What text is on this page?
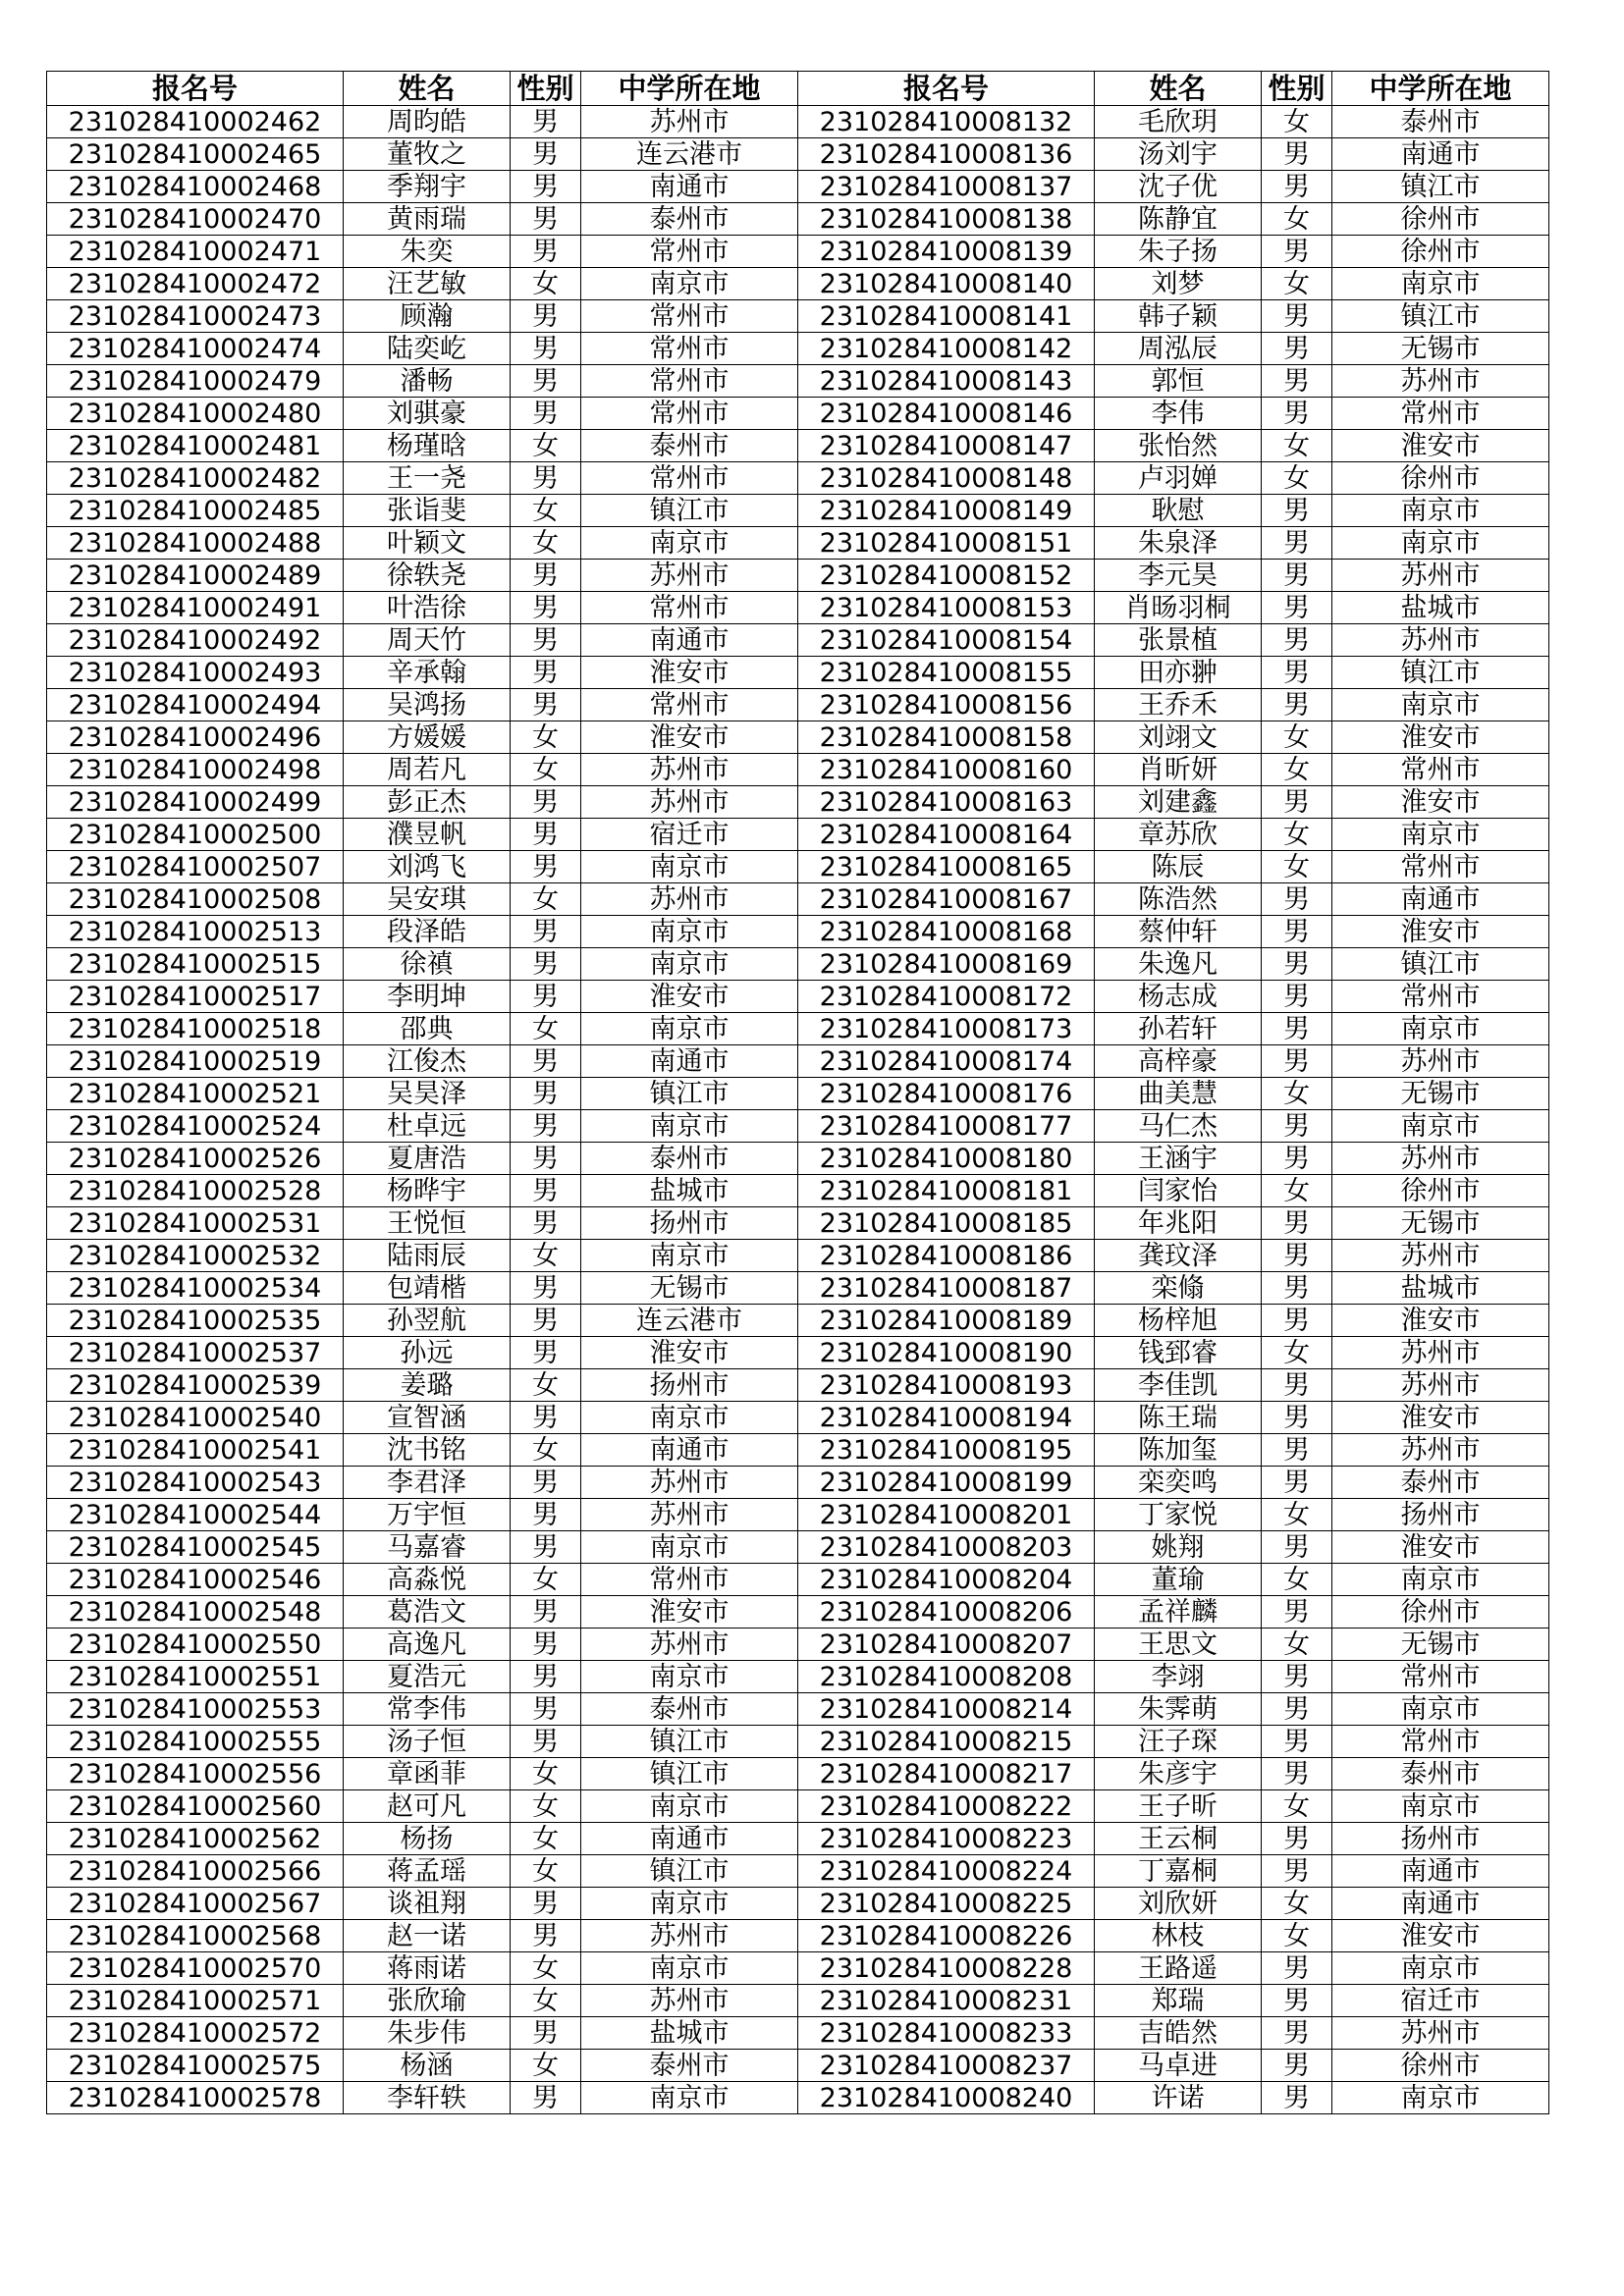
报名号	姓名	性别	中学所在地	报名号	姓名	性别	中学所在地
231028410002462	周昀皓	男	苏州市	231028410008132	毛欣玥	女	泰州市
231028410002465	董牧之	男	连云港市	231028410008136	汤刘宇	男	南通市
231028410002468	季翔宇	男	南通市	231028410008137	沈子优	男	镇江市
231028410002470	黄雨瑞	男	泰州市	231028410008138	陈静宜	女	徐州市
231028410002471	朱奕	男	常州市	231028410008139	朱子扬	男	徐州市
231028410002472	汪艺敏	女	南京市	231028410008140	刘梦	女	南京市
231028410002473	顾瀚	男	常州市	231028410008141	韩子颖	男	镇江市
231028410002474	陆奕屹	男	常州市	231028410008142	周泓辰	男	无锡市
231028410002479	潘畅	男	常州市	231028410008143	郭恒	男	苏州市
231028410002480	刘骐豪	男	常州市	231028410008146	李伟	男	常州市
231028410002481	杨瑾晗	女	泰州市	231028410008147	张怡然	女	淮安市
231028410002482	王一尧	男	常州市	231028410008148	卢羽婵	女	徐州市
231028410002485	张诣斐	女	镇江市	231028410008149	耿慰	男	南京市
231028410002488	叶颖文	女	南京市	231028410008151	朱泉泽	男	南京市
231028410002489	徐轶尧	男	苏州市	231028410008152	李元昊	男	苏州市
231028410002491	叶浩徐	男	常州市	231028410008153	肖旸羽桐	男	盐城市
231028410002492	周天竹	男	南通市	231028410008154	张景植	男	苏州市
231028410002493	辛承翰	男	淮安市	231028410008155	田亦翀	男	镇江市
231028410002494	吴鸿扬	男	常州市	231028410008156	王乔禾	男	南京市
231028410002496	方媛媛	女	淮安市	231028410008158	刘翊文	女	淮安市
231028410002498	周若凡	女	苏州市	231028410008160	肖昕妍	女	常州市
231028410002499	彭正杰	男	苏州市	231028410008163	刘建鑫	男	淮安市
231028410002500	濮昱帆	男	宿迁市	231028410008164	章苏欣	女	南京市
231028410002507	刘鸿飞	男	南京市	231028410008165	陈辰	女	常州市
231028410002508	吴安琪	女	苏州市	231028410008167	陈浩然	男	南通市
231028410002513	段泽皓	男	南京市	231028410008168	蔡仲轩	男	淮安市
231028410002515	徐禛	男	南京市	231028410008169	朱逸凡	男	镇江市
231028410002517	李明坤	男	淮安市	231028410008172	杨志成	男	常州市
231028410002518	邵典	女	南京市	231028410008173	孙若轩	男	南京市
231028410002519	江俊杰	男	南通市	231028410008174	高梓豪	男	苏州市
231028410002521	吴昊泽	男	镇江市	231028410008176	曲美慧	女	无锡市
231028410002524	杜卓远	男	南京市	231028410008177	马仁杰	男	南京市
231028410002526	夏唐浩	男	泰州市	231028410008180	王涵宇	男	苏州市
231028410002528	杨晔宇	男	盐城市	231028410008181	闫家怡	女	徐州市
231028410002531	王悦恒	男	扬州市	231028410008185	年兆阳	男	无锡市
231028410002532	陆雨辰	女	南京市	231028410008186	龚玟泽	男	苏州市
231028410002534	包靖楷	男	无锡市	231028410008187	栾翛	男	盐城市
231028410002535	孙翌航	男	连云港市	231028410008189	杨梓旭	男	淮安市
231028410002537	孙远	男	淮安市	231028410008190	钱郅睿	女	苏州市
231028410002539	姜璐	女	扬州市	231028410008193	李佳凯	男	苏州市
231028410002540	宣智涵	男	南京市	231028410008194	陈王瑞	男	淮安市
231028410002541	沈书铭	女	南通市	231028410008195	陈加玺	男	苏州市
231028410002543	李君泽	男	苏州市	231028410008199	栾奕鸣	男	泰州市
231028410002544	万宇恒	男	苏州市	231028410008201	丁家悦	女	扬州市
231028410002545	马嘉睿	男	南京市	231028410008203	姚翔	男	淮安市
231028410002546	高淼悦	女	常州市	231028410008204	董瑜	女	南京市
231028410002548	葛浩文	男	淮安市	231028410008206	孟祥麟	男	徐州市
231028410002550	高逸凡	男	苏州市	231028410008207	王思文	女	无锡市
231028410002551	夏浩元	男	南京市	231028410008208	李翊	男	常州市
231028410002553	常李伟	男	泰州市	231028410008214	朱霁萌	男	南京市
231028410002555	汤子恒	男	镇江市	231028410008215	汪子琛	男	常州市
231028410002556	章函菲	女	镇江市	231028410008217	朱彦宇	男	泰州市
231028410002560	赵可凡	女	南京市	231028410008222	王子昕	女	南京市
231028410002562	杨扬	女	南通市	231028410008223	王云桐	男	扬州市
231028410002566	蒋孟瑶	女	镇江市	231028410008224	丁嘉桐	男	南通市
231028410002567	谈祖翔	男	南京市	231028410008225	刘欣妍	女	南通市
231028410002568	赵一诺	男	苏州市	231028410008226	林枝	女	淮安市
231028410002570	蒋雨诺	女	南京市	231028410008228	王路遥	男	南京市
231028410002571	张欣瑜	女	苏州市	231028410008231	郑瑞	男	宿迁市
231028410002572	朱步伟	男	盐城市	231028410008233	吉皓然	男	苏州市
231028410002575	杨涵	女	泰州市	231028410008237	马卓进	男	徐州市
231028410002578	李轩轶	男	南京市	231028410008240	许诺	男	南京市
